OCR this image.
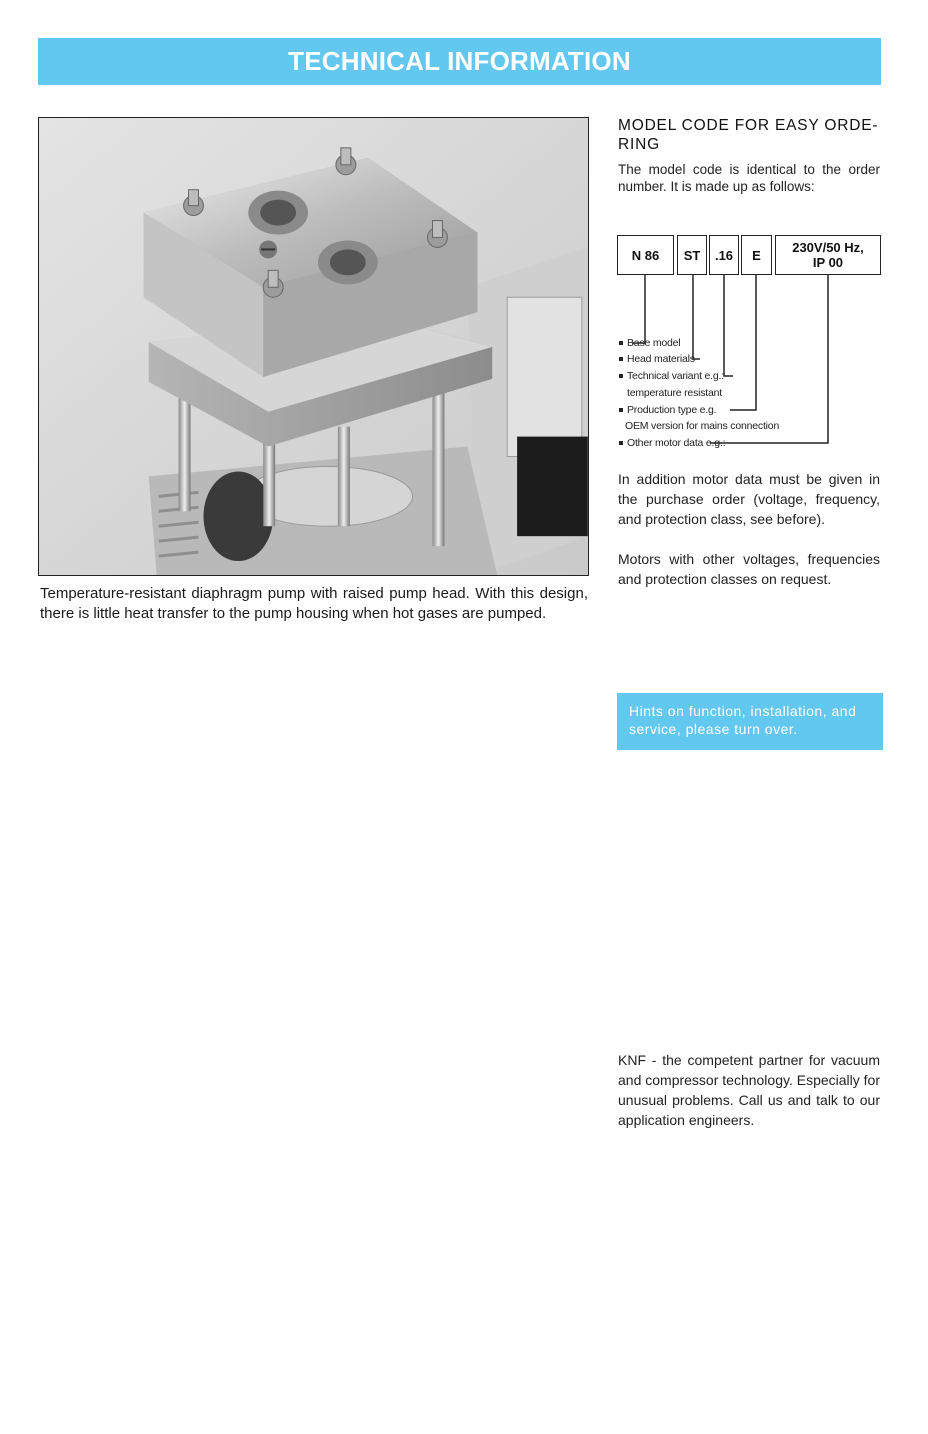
TECHNICAL INFORMATION
Temperature-resistant diaphragm pump with raised pump head. With this design, there is little heat transfer to the pump housing when hot gases are pumped.
MODEL CODE FOR EASY ORDE-RING
The model code is identical to the order number. It is made up as follows:
N 86 ST .16 E 230V/50 Hz,
IP 00
Base model
Head materials
Technical variant e.g.:
temperature resistant
Production type e.g.
OEM version for mains connection
Other motor data e.g.:
In addition motor data must be given in the purchase order (voltage, frequency, and protection class, see before).
Motors with other voltages, frequencies and protection classes on request.
Hints on function, installation, and service, please turn over.
KNF - the competent partner for vacuum and compressor technology. Especially for unusual problems. Call us and talk to our application engineers.
